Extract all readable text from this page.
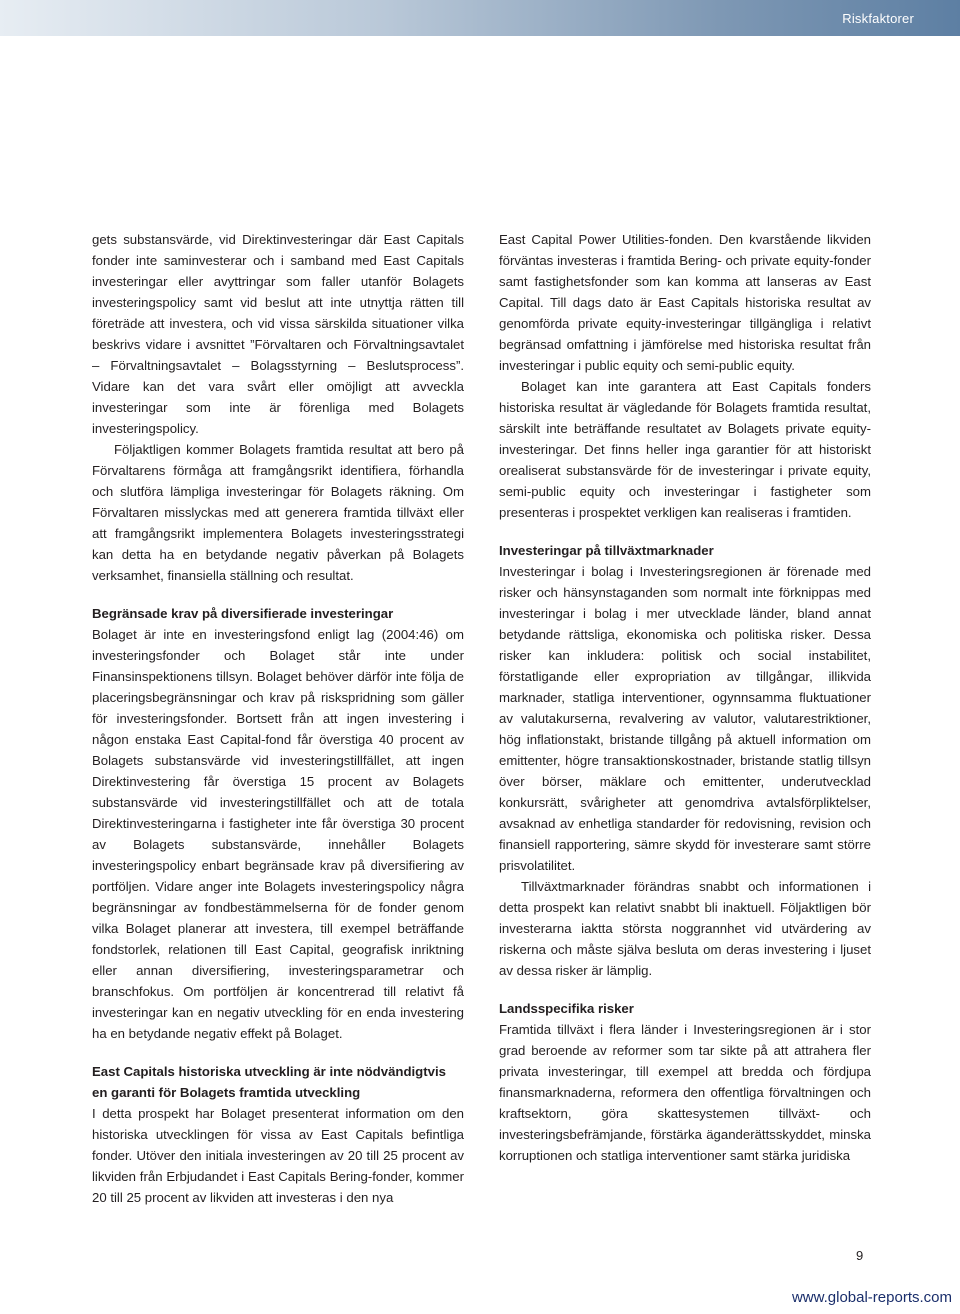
Riskfaktorer

gets substansvärde, vid Direktinvesteringar där East Capitals fonder inte saminvesterar och i samband med East Capitals investeringar eller avyttringar som faller utanför Bolagets investeringspolicy samt vid beslut att inte utnyttja rätten till företräde att investera, och vid vissa särskilda situationer vilka beskrivs vidare i avsnittet ”Förvaltaren och Förvaltningsavtalet – Förvaltningsavtalet – Bolagsstyrning – Beslutsprocess”. Vidare kan det vara svårt eller omöjligt att avveckla investeringar som inte är förenliga med Bolagets investeringspolicy.

Följaktligen kommer Bolagets framtida resultat att bero på Förvaltarens förmåga att framgångsrikt identifiera, förhandla och slutföra lämpliga investeringar för Bolagets räkning. Om Förvaltaren misslyckas med att generera framtida tillväxt eller att framgångsrikt implementera Bolagets investeringsstrategi kan detta ha en betydande negativ påverkan på Bolagets verksamhet, finansiella ställning och resultat.

Begränsade krav på diversifierade investeringar

Bolaget är inte en investeringsfond enligt lag (2004:46) om investeringsfonder och Bolaget står inte under Finansinspektionens tillsyn. Bolaget behöver därför inte följa de placeringsbegränsningar och krav på riskspridning som gäller för investeringsfonder. Bortsett från att ingen investering i någon enstaka East Capital-fond får överstiga 40 procent av Bolagets substansvärde vid investeringstillfället, att ingen Direktinvestering får överstiga 15 procent av Bolagets substansvärde vid investeringstillfället och att de totala Direktinvesteringarna i fastigheter inte får överstiga 30 procent av Bolagets substansvärde, innehåller Bolagets investeringspolicy enbart begränsade krav på diversifiering av portföljen. Vidare anger inte Bolagets investeringspolicy några begränsningar av fondbestämmelserna för de fonder genom vilka Bolaget planerar att investera, till exempel beträffande fondstorlek, relationen till East Capital, geografisk inriktning eller annan diversifiering, investeringsparametrar och branschfokus. Om portföljen är koncentrerad till relativt få investeringar kan en negativ utveckling för en enda investering ha en betydande negativ effekt på Bolaget.

East Capitals historiska utveckling är inte nödvändigtvis en garanti för Bolagets framtida utveckling

I detta prospekt har Bolaget presenterat information om den historiska utvecklingen för vissa av East Capitals befintliga fonder. Utöver den initiala investeringen av 20 till 25 procent av likviden från Erbjudandet i East Capitals Bering-fonder, kommer 20 till 25 procent av likviden att investeras i den nya

East Capital Power Utilities-fonden. Den kvarstående likviden förväntas investeras i framtida Bering- och private equity-fonder samt fastighetsfonder som kan komma att lanseras av East Capital. Till dags dato är East Capitals historiska resultat av genomförda private equity-investeringar tillgängliga i relativt begränsad omfattning i jämförelse med historiska resultat från investeringar i public equity och semi-public equity.

Bolaget kan inte garantera att East Capitals fonders historiska resultat är vägledande för Bolagets framtida resultat, särskilt inte beträffande resultatet av Bolagets private equity-investeringar. Det finns heller inga garantier för att historiskt orealiserat substansvärde för de investeringar i private equity, semi-public equity och investeringar i fastigheter som presenteras i prospektet verkligen kan realiseras i framtiden.

Investeringar på tillväxtmarknader

Investeringar i bolag i Investeringsregionen är förenade med risker och hänsynstaganden som normalt inte förknippas med investeringar i bolag i mer utvecklade länder, bland annat betydande rättsliga, ekonomiska och politiska risker. Dessa risker kan inkludera: politisk och social instabilitet, förstatligande eller expropriation av tillgångar, illikvida marknader, statliga interventioner, ogynnsamma fluktuationer av valutakurserna, revalvering av valutor, valutarestriktioner, hög inflationstakt, bristande tillgång på aktuell information om emittenter, högre transaktionskostnader, bristande statlig tillsyn över börser, mäklare och emittenter, underutvecklad konkursrätt, svårigheter att genomdriva avtalsförpliktelser, avsaknad av enhetliga standarder för redovisning, revision och finansiell rapportering, sämre skydd för investerare samt större prisvolatilitet.

Tillväxtmarknader förändras snabbt och informationen i detta prospekt kan relativt snabbt bli inaktuell. Följaktligen bör investerarna iaktta största noggrannhet vid utvärdering av riskerna och måste själva besluta om deras investering i ljuset av dessa risker är lämplig.

Landsspecifika risker

Framtida tillväxt i flera länder i Investeringsregionen är i stor grad beroende av reformer som tar sikte på att attrahera fler privata investeringar, till exempel att bredda och fördjupa finansmarknaderna, reformera den offentliga förvaltningen och kraftsektorn, göra skattesystemen tillväxt- och investeringsbefrämjande, förstärka äganderättsskyddet, minska korruptionen och statliga interventioner samt stärka juridiska

9
www.global-reports.com
